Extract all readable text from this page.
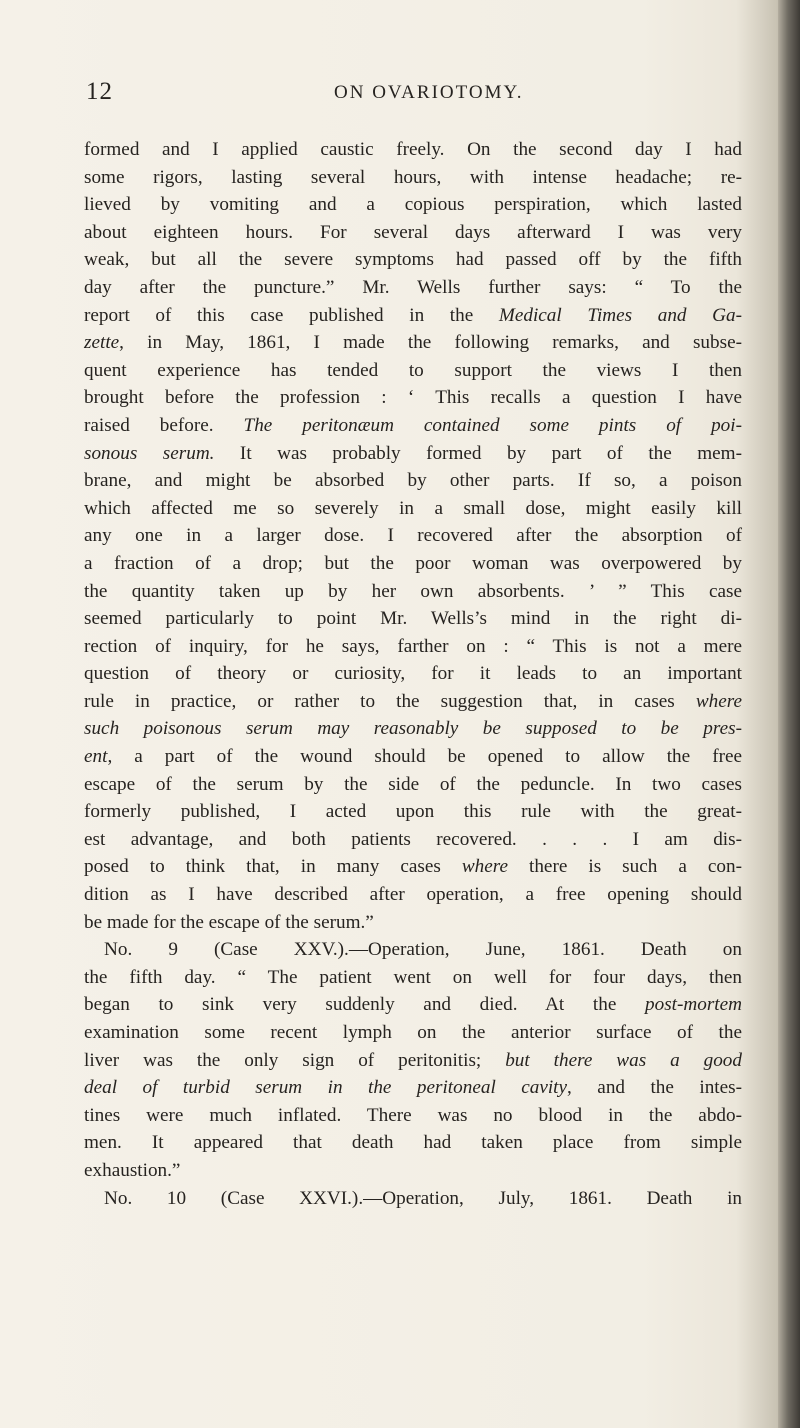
12	ON OVARIOTOMY.
formed and I applied caustic freely. On the second day I had
some rigors, lasting several hours, with intense headache; re-
lieved by vomiting and a copious perspiration, which lasted
about eighteen hours. For several days afterward I was very
weak, but all the severe symptoms had passed off by the fifth
day after the puncture.” Mr. Wells further says: “ To the
report of this case published in the Medical Times and Ga-
zette, in May, 1861, I made the following remarks, and subse-
quent experience has tended to support the views I then
brought before the profession : ‘ This recalls a question I have
raised before. The peritonæum contained some pints of poi-
sonous serum. It was probably formed by part of the mem-
brane, and might be absorbed by other parts. If so, a poison
which affected me so severely in a small dose, might easily kill
any one in a larger dose. I recovered after the absorption of
a fraction of a drop; but the poor woman was overpowered by
the quantity taken up by her own absorbents. ’ ” This case
seemed particularly to point Mr. Wells’s mind in the right di-
rection of inquiry, for he says, farther on : “ This is not a mere
question of theory or curiosity, for it leads to an important
rule in practice, or rather to the suggestion that, in cases where
such poisonous serum may reasonably be supposed to be pres-
ent, a part of the wound should be opened to allow the free
escape of the serum by the side of the peduncle. In two cases
formerly published, I acted upon this rule with the great-
est advantage, and both patients recovered. . . . I am dis-
posed to think that, in many cases where there is such a con-
dition as I have described after operation, a free opening should
be made for the escape of the serum.”
No. 9 (Case XXV.).—Operation, June, 1861. Death on
the fifth day. “ The patient went on well for four days, then
began to sink very suddenly and died. At the post-mortem
examination some recent lymph on the anterior surface of the
liver was the only sign of peritonitis; but there was a good
deal of turbid serum in the peritoneal cavity, and the intes-
tines were much inflated. There was no blood in the abdo-
men. It appeared that death had taken place from simple
exhaustion.”
No. 10 (Case XXVI.).—Operation, July, 1861. Death in
